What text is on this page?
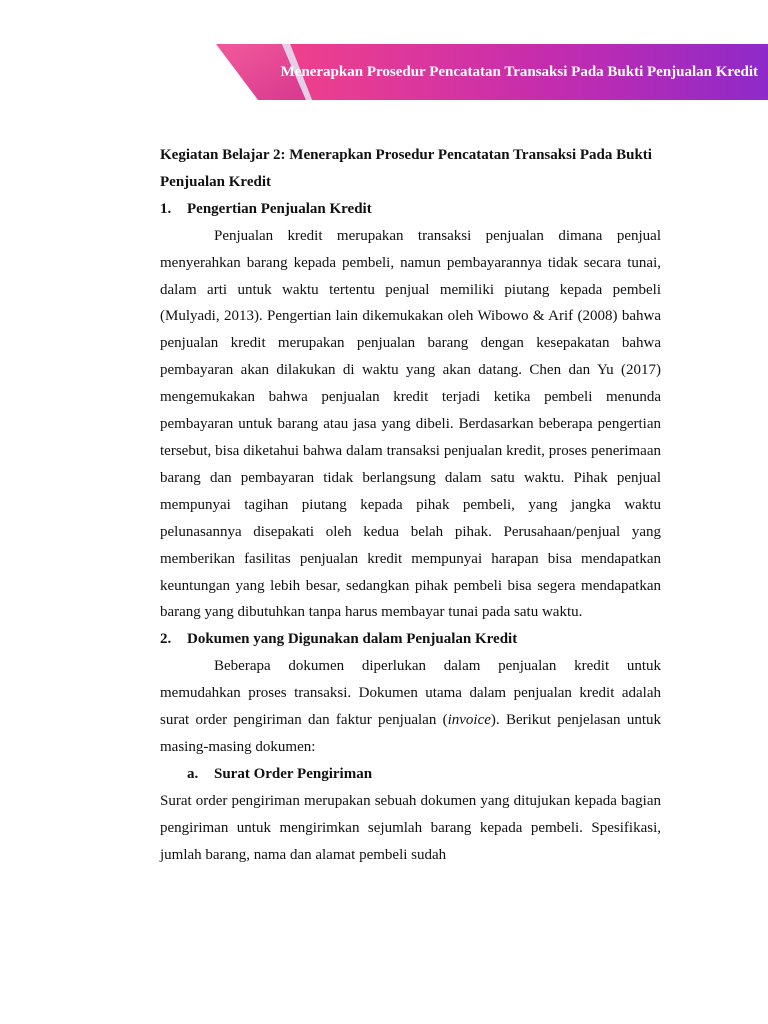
Menerapkan Prosedur Pencatatan Transaksi Pada Bukti Penjualan Kredit

Kegiatan Belajar 2: Menerapkan Prosedur Pencatatan Transaksi Pada Bukti Penjualan Kredit

1.	Pengertian Penjualan Kredit

Penjualan kredit merupakan transaksi penjualan dimana penjual menyerahkan barang kepada pembeli, namun pembayarannya tidak secara tunai, dalam arti untuk waktu tertentu penjual memiliki piutang kepada pembeli (Mulyadi, 2013). Pengertian lain dikemukakan oleh Wibowo & Arif (2008) bahwa penjualan kredit merupakan penjualan barang dengan kesepakatan bahwa pembayaran akan dilakukan di waktu yang akan datang. Chen dan Yu (2017) mengemukakan bahwa penjualan kredit terjadi ketika pembeli menunda pembayaran untuk barang atau jasa yang dibeli. Berdasarkan beberapa pengertian tersebut, bisa diketahui bahwa dalam transaksi penjualan kredit, proses penerimaan barang dan pembayaran tidak berlangsung dalam satu waktu. Pihak penjual mempunyai tagihan piutang kepada pihak pembeli, yang jangka waktu pelunasannya disepakati oleh kedua belah pihak. Perusahaan/penjual yang memberikan fasilitas penjualan kredit mempunyai harapan bisa mendapatkan keuntungan yang lebih besar, sedangkan pihak pembeli bisa segera mendapatkan barang yang dibutuhkan tanpa harus membayar tunai pada satu waktu.

2.	Dokumen yang Digunakan dalam Penjualan Kredit

Beberapa dokumen diperlukan dalam penjualan kredit untuk memudahkan proses transaksi. Dokumen utama dalam penjualan kredit adalah surat order pengiriman dan faktur penjualan (invoice). Berikut penjelasan untuk masing-masing dokumen:

a.	Surat Order Pengiriman

Surat order pengiriman merupakan sebuah dokumen yang ditujukan kepada bagian pengiriman untuk mengirimkan sejumlah barang kepada pembeli. Spesifikasi, jumlah barang, nama dan alamat pembeli sudah
